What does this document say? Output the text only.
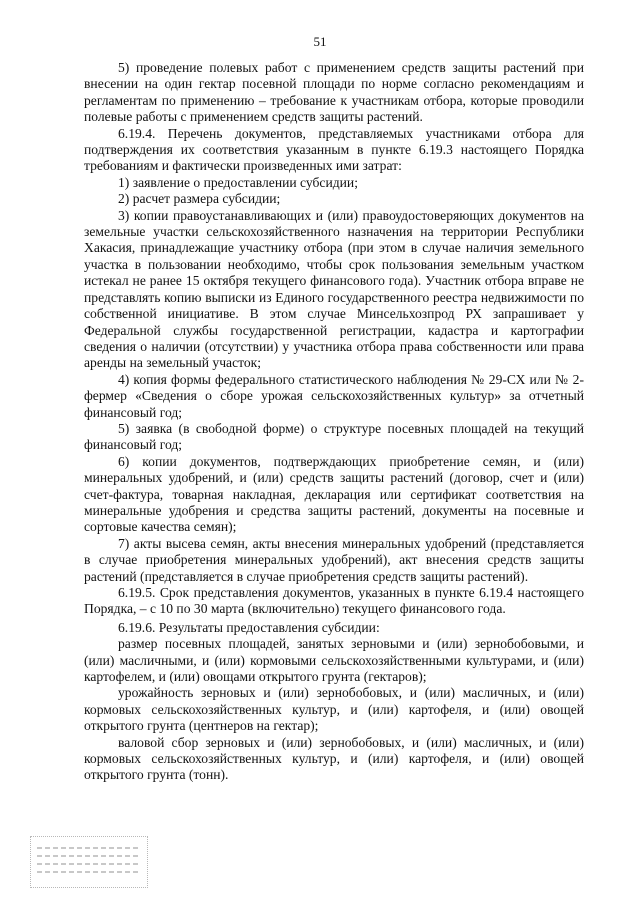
51

5) проведение полевых работ с применением средств защиты растений при внесении на один гектар посевной площади по норме согласно рекомендациям и регламентам по применению – требование к участникам отбора, которые проводили полевые работы с применением средств защиты растений.

6.19.4. Перечень документов, представляемых участниками отбора для подтверждения их соответствия указанным в пункте 6.19.3 настоящего Порядка требованиям и фактически произведенных ими затрат:

1) заявление о предоставлении субсидии;

2) расчет размера субсидии;

3) копии правоустанавливающих и (или) правоудостоверяющих документов на земельные участки сельскохозяйственного назначения на территории Республики Хакасия, принадлежащие участнику отбора (при этом в случае наличия земельного участка в пользовании необходимо, чтобы срок пользования земельным участком истекал не ранее 15 октября текущего финансового года). Участник отбора вправе не представлять копию выписки из Единого государственного реестра недвижимости по собственной инициативе. В этом случае Минсельхозпрод РХ запрашивает у Федеральной службы государственной регистрации, кадастра и картографии сведения о наличии (отсутствии) у участника отбора права собственности или права аренды на земельный участок;

4) копия формы федерального статистического наблюдения № 29-СХ или № 2-фермер «Сведения о сборе урожая сельскохозяйственных культур» за отчетный финансовый год;

5) заявка (в свободной форме) о структуре посевных площадей на текущий финансовый год;

6) копии документов, подтверждающих приобретение семян, и (или) минеральных удобрений, и (или) средств защиты растений (договор, счет и (или) счет-фактура, товарная накладная, декларация или сертификат соответствия на минеральные удобрения и средства защиты растений, документы на посевные и сортовые качества семян);

7) акты высева семян, акты внесения минеральных удобрений (представляется в случае приобретения минеральных удобрений), акт внесения средств защиты растений (представляется в случае приобретения средств защиты растений).

6.19.5. Срок представления документов, указанных в пункте 6.19.4 настоящего Порядка, – с 10 по 30 марта (включительно) текущего финансового года.

6.19.6. Результаты предоставления субсидии:

размер посевных площадей, занятых зерновыми и (или) зернобобовыми, и (или) масличными, и (или) кормовыми сельскохозяйственными культурами, и (или) картофелем, и (или) овощами открытого грунта (гектаров);

урожайность зерновых и (или) зернобобовых, и (или) масличных, и (или) кормовых сельскохозяйственных культур, и (или) картофеля, и (или) овощей открытого грунта (центнеров на гектар);

валовой сбор зерновых и (или) зернобобовых, и (или) масличных, и (или) кормовых сельскохозяйственных культур, и (или) картофеля, и (или) овощей открытого грунта (тонн).
